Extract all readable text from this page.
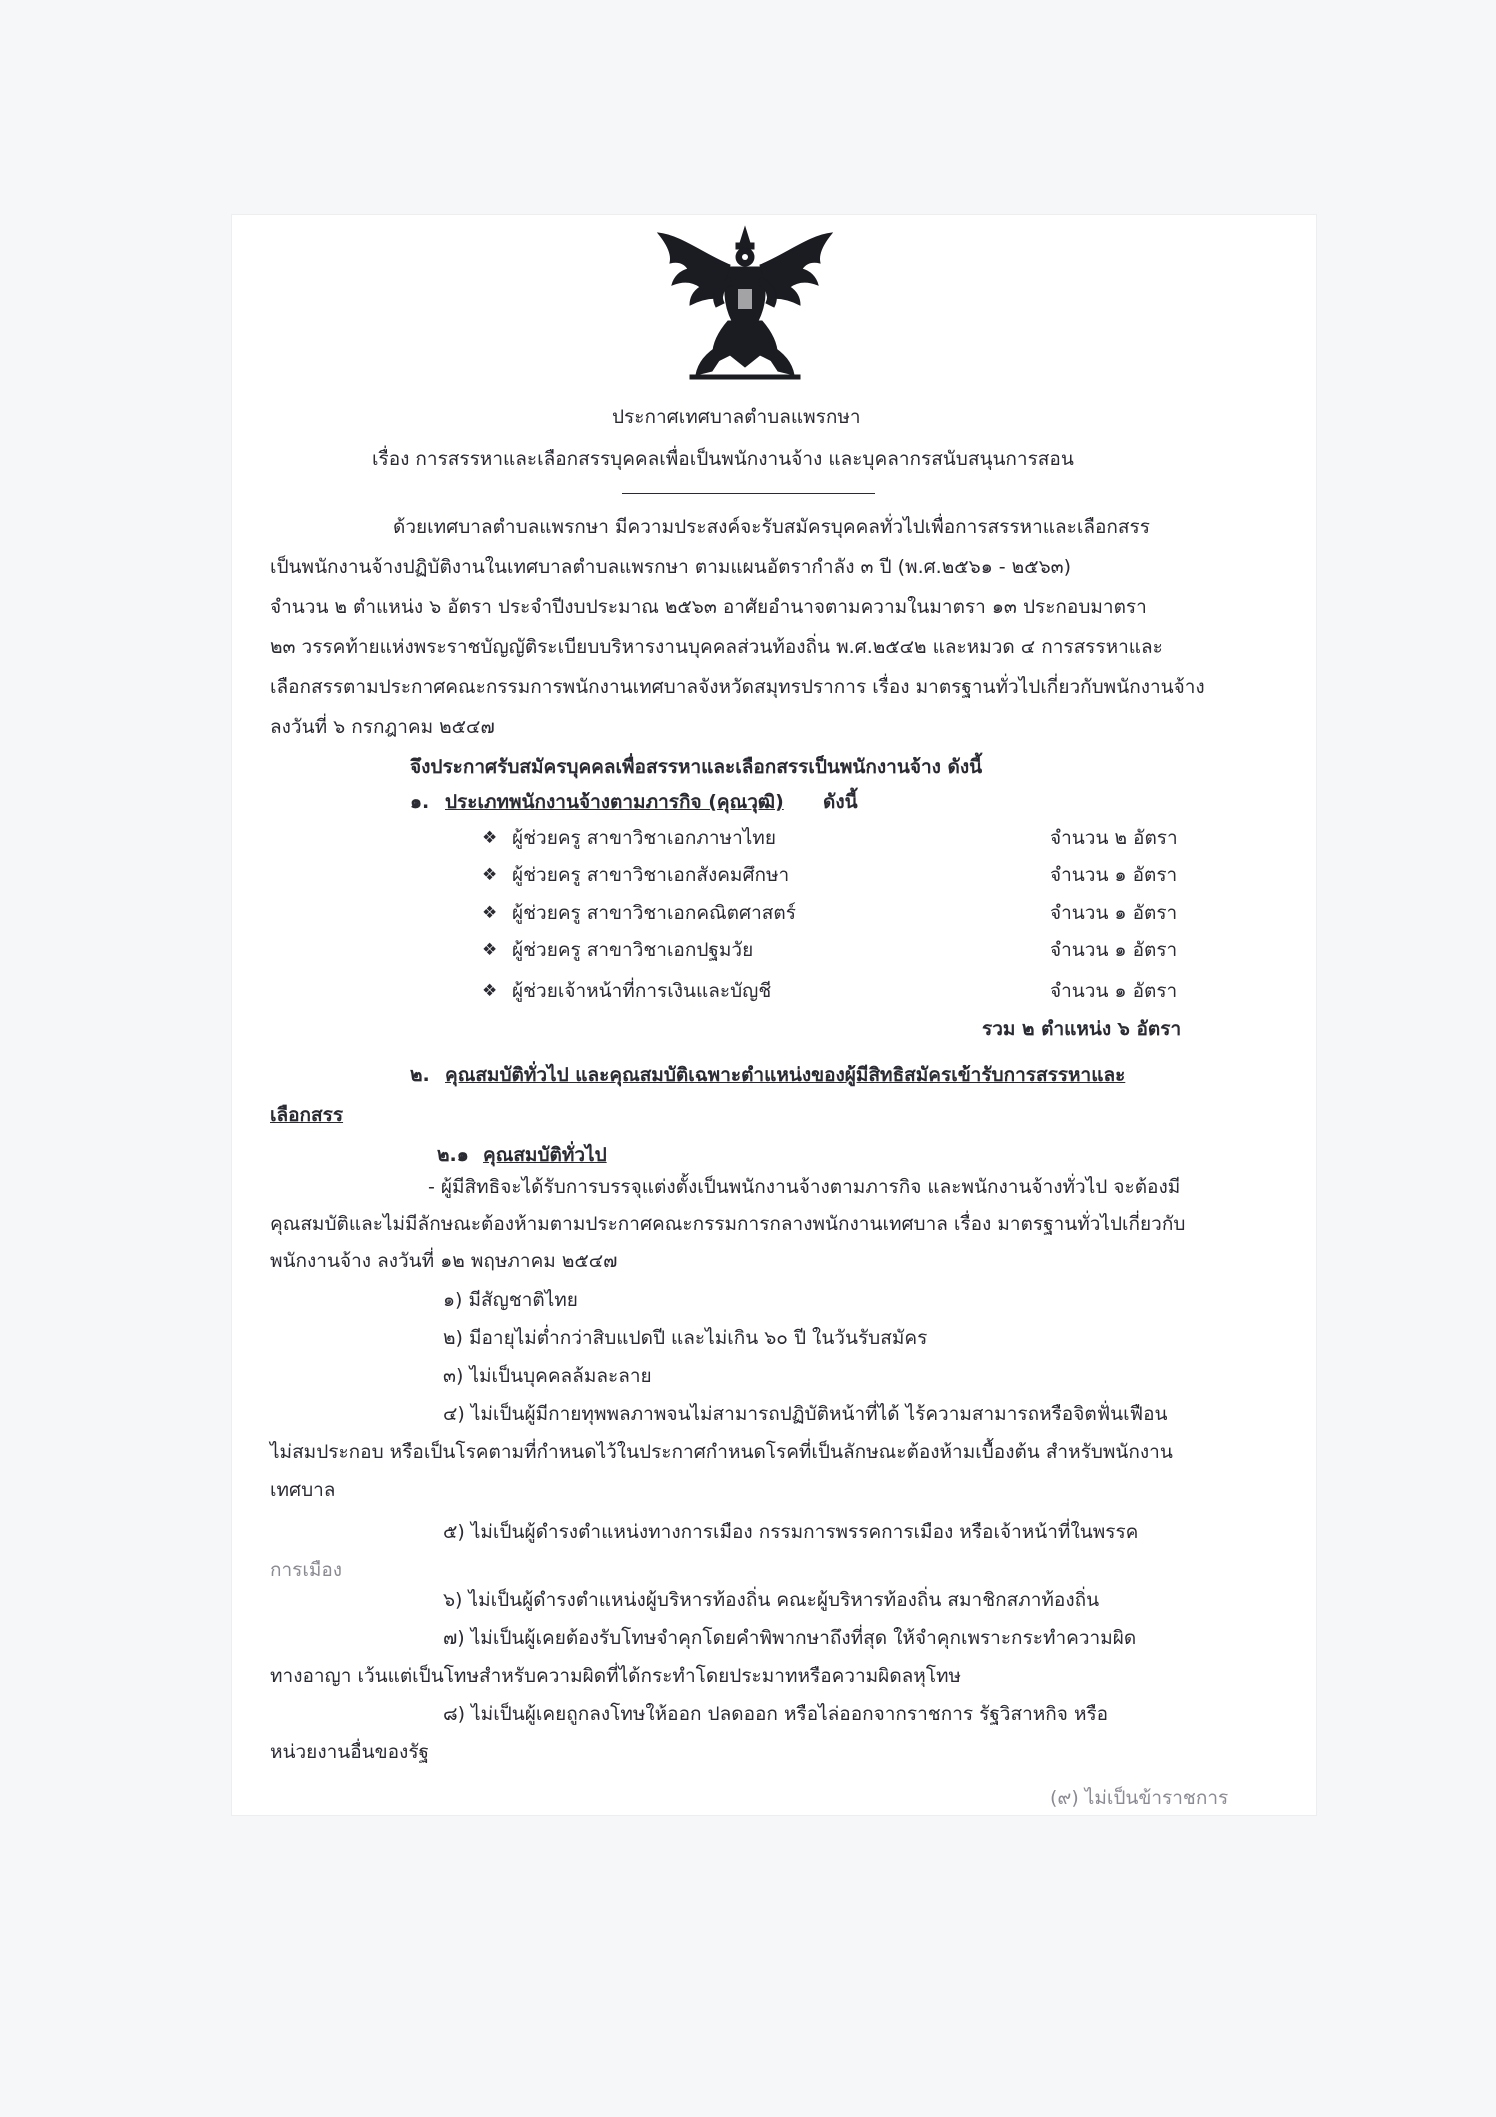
ประกาศเทศบาลตำบลแพรกษา
เรื่อง การสรรหาและเลือกสรรบุคคลเพื่อเป็นพนักงานจ้าง และบุคลากรสนับสนุนการสอน
ด้วยเทศบาลตำบลแพรกษา มีความประสงค์จะรับสมัครบุคคลทั่วไปเพื่อการสรรหาและเลือกสรร
เป็นพนักงานจ้างปฏิบัติงานในเทศบาลตำบลแพรกษา ตามแผนอัตรากำลัง ๓ ปี (พ.ศ.๒๕๖๑ - ๒๕๖๓)
จำนวน ๒ ตำแหน่ง ๖ อัตรา ประจำปีงบประมาณ ๒๕๖๓ อาศัยอำนาจตามความในมาตรา ๑๓ ประกอบมาตรา
๒๓ วรรคท้ายแห่งพระราชบัญญัติระเบียบบริหารงานบุคคลส่วนท้องถิ่น พ.ศ.๒๕๔๒ และหมวด ๔ การสรรหาและ
เลือกสรรตามประกาศคณะกรรมการพนักงานเทศบาลจังหวัดสมุทรปราการ เรื่อง มาตรฐานทั่วไปเกี่ยวกับพนักงานจ้าง
ลงวันที่ ๖ กรกฎาคม ๒๕๔๗
จึงประกาศรับสมัครบุคคลเพื่อสรรหาและเลือกสรรเป็นพนักงานจ้าง ดังนี้
๑. ประเภทพนักงานจ้างตามภารกิจ (คุณวุฒิ) ดังนี้
❖ ผู้ช่วยครู สาขาวิชาเอกภาษาไทย	จำนวน ๒ อัตรา
❖ ผู้ช่วยครู สาขาวิชาเอกสังคมศึกษา	จำนวน ๑ อัตรา
❖ ผู้ช่วยครู สาขาวิชาเอกคณิตศาสตร์	จำนวน ๑ อัตรา
❖ ผู้ช่วยครู สาขาวิชาเอกปฐมวัย	จำนวน ๑ อัตรา
❖ ผู้ช่วยเจ้าหน้าที่การเงินและบัญชี	จำนวน ๑ อัตรา
รวม ๒ ตำแหน่ง ๖ อัตรา
๒. คุณสมบัติทั่วไป และคุณสมบัติเฉพาะตำแหน่งของผู้มีสิทธิสมัครเข้ารับการสรรหาและ
เลือกสรร
๒.๑ คุณสมบัติทั่วไป
- ผู้มีสิทธิจะได้รับการบรรจุแต่งตั้งเป็นพนักงานจ้างตามภารกิจ และพนักงานจ้างทั่วไป จะต้องมี
คุณสมบัติและไม่มีลักษณะต้องห้ามตามประกาศคณะกรรมการกลางพนักงานเทศบาล เรื่อง มาตรฐานทั่วไปเกี่ยวกับ
พนักงานจ้าง ลงวันที่ ๑๒ พฤษภาคม ๒๕๔๗
๑) มีสัญชาติไทย
๒) มีอายุไม่ต่ำกว่าสิบแปดปี และไม่เกิน ๖๐ ปี ในวันรับสมัคร
๓) ไม่เป็นบุคคลล้มละลาย
๔) ไม่เป็นผู้มีกายทุพพลภาพจนไม่สามารถปฏิบัติหน้าที่ได้ ไร้ความสามารถหรือจิตฟั่นเฟือน
ไม่สมประกอบ หรือเป็นโรคตามที่กำหนดไว้ในประกาศกำหนดโรคที่เป็นลักษณะต้องห้ามเบื้องต้น สำหรับพนักงาน
เทศบาล
๕) ไม่เป็นผู้ดำรงตำแหน่งทางการเมือง กรรมการพรรคการเมือง หรือเจ้าหน้าที่ในพรรค
การเมือง
๖) ไม่เป็นผู้ดำรงตำแหน่งผู้บริหารท้องถิ่น คณะผู้บริหารท้องถิ่น สมาชิกสภาท้องถิ่น
๗) ไม่เป็นผู้เคยต้องรับโทษจำคุกโดยคำพิพากษาถึงที่สุด ให้จำคุกเพราะกระทำความผิด
ทางอาญา เว้นแต่เป็นโทษสำหรับความผิดที่ได้กระทำโดยประมาทหรือความผิดลหุโทษ
๘) ไม่เป็นผู้เคยถูกลงโทษให้ออก ปลดออก หรือไล่ออกจากราชการ รัฐวิสาหกิจ หรือ
หน่วยงานอื่นของรัฐ
(๙) ไม่เป็นข้าราชการ
